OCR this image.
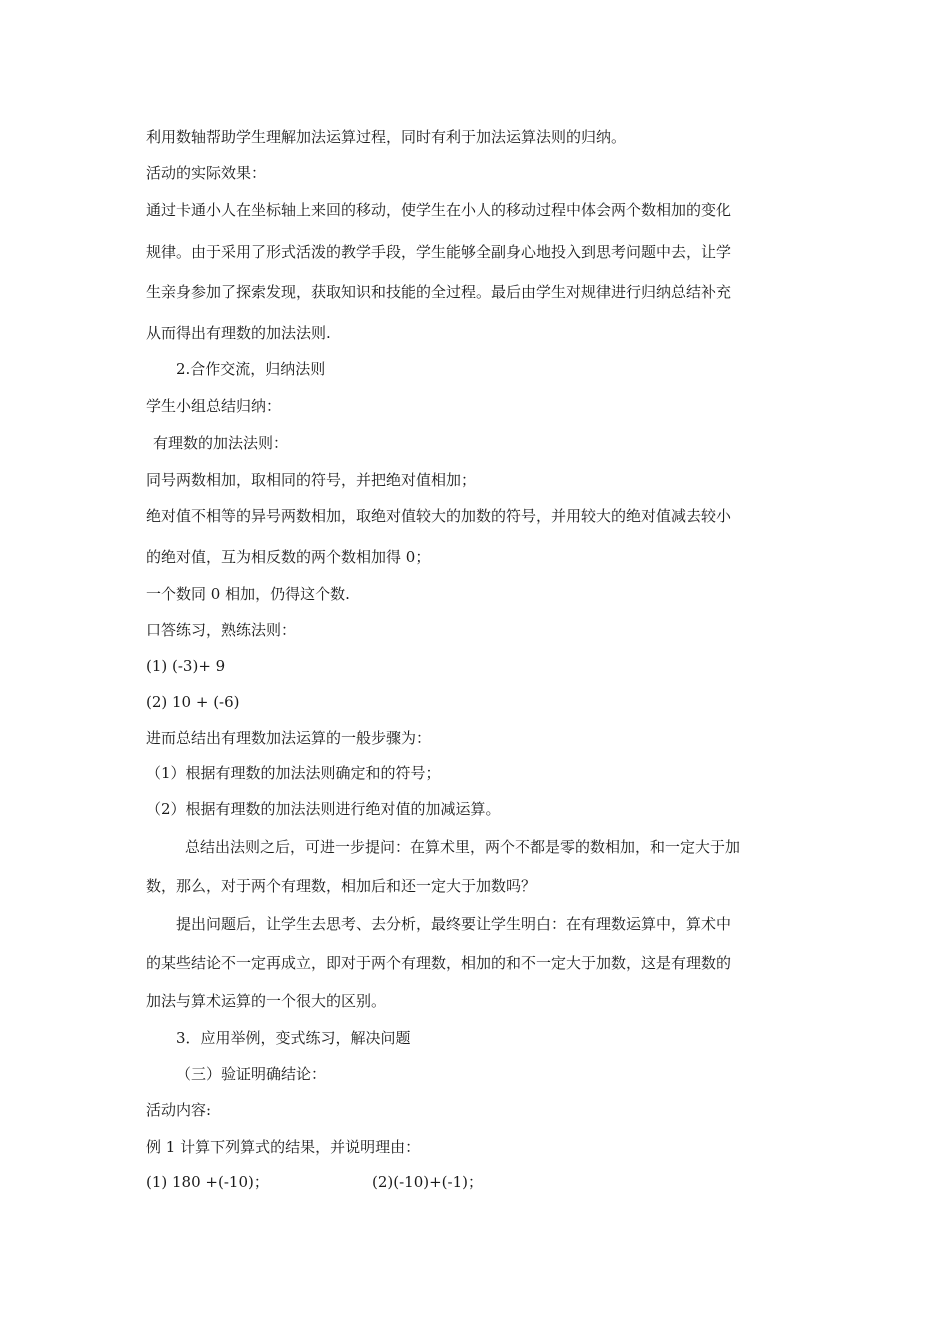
利用数轴帮助学生理解加法运算过程，同时有利于加法运算法则的归纳。
活动的实际效果：
通过卡通小人在坐标轴上来回的移动，使学生在小人的移动过程中体会两个数相加的变化
规律。由于采用了形式活泼的教学手段，学生能够全副身心地投入到思考问题中去，让学
生亲身参加了探索发现，获取知识和技能的全过程。最后由学生对规律进行归纳总结补充
从而得出有理数的加法法则.
2.合作交流，归纳法则
学生小组总结归纳：
有理数的加法法则：
同号两数相加，取相同的符号，并把绝对值相加；
绝对值不相等的异号两数相加，取绝对值较大的加数的符号，并用较大的绝对值减去较小
的绝对值，互为相反数的两个数相加得 0；
一个数同 0 相加，仍得这个数.
口答练习，熟练法则：
(1) (-3)+ 9
(2) 10 + (-6)
进而总结出有理数加法运算的一般步骤为：
（1）根据有理数的加法法则确定和的符号；
（2）根据有理数的加法法则进行绝对值的加减运算。
总结出法则之后，可进一步提问：在算术里，两个不都是零的数相加，和一定大于加
数，那么，对于两个有理数，相加后和还一定大于加数吗？
提出问题后，让学生去思考、去分析，最终要让学生明白：在有理数运算中，算术中
的某些结论不一定再成立，即对于两个有理数，相加的和不一定大于加数，这是有理数的
加法与算术运算的一个很大的区别。
3．应用举例，变式练习，解决问题
（三）验证明确结论：
活动内容:
例 1 计算下列算式的结果，并说明理由：
(1) 180 +(-10)；	(2)(-10)+(-1)；
